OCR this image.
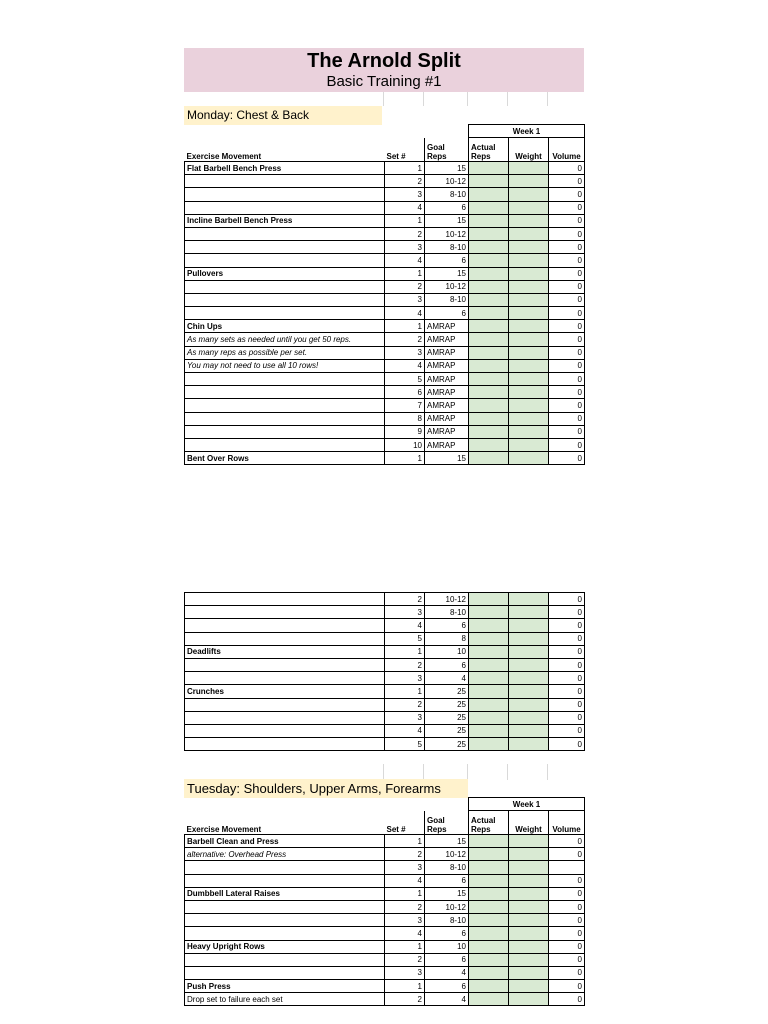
The Arnold Split
Basic Training #1
Monday: Chest & Back
			Week 1		
Exercise Movement	Set #	Goal Reps	Actual Reps	Weight	Volume
Flat Barbell Bench Press	1	15			0
	2	10-12			0
	3	8-10			0
	4	6			0
Incline Barbell Bench Press	1	15			0
	2	10-12			0
	3	8-10			0
	4	6			0
Pullovers	1	15			0
	2	10-12			0
	3	8-10			0
	4	6			0
Chin Ups	1	AMRAP			0
As many sets as needed until you get 50 reps.	2	AMRAP			0
As many reps as possible per set.	3	AMRAP			0
You may not need to use all 10 rows!	4	AMRAP			0
	5	AMRAP			0
	6	AMRAP			0
	7	AMRAP			0
	8	AMRAP			0
	9	AMRAP			0
	10	AMRAP			0
Bent Over Rows	1	15			0
	2	10-12			0
	3	8-10			0
	4	6			0
	5	8			0
Deadlifts	1	10			0
	2	6			0
	3	4			0
Crunches	1	25			0
	2	25			0
	3	25			0
	4	25			0
	5	25			0
Tuesday: Shoulders, Upper Arms, Forearms
			Week 1		
Exercise Movement	Set #	Goal Reps	Actual Reps	Weight	Volume
Barbell Clean and Press	1	15			0
alternative: Overhead Press	2	10-12			0
	3	8-10			
	4	6			0
Dumbbell Lateral Raises	1	15			0
	2	10-12			0
	3	8-10			0
	4	6			0
Heavy Upright Rows	1	10			0
	2	6			0
	3	4			0
Push Press	1	6			0
Drop set to failure each set	2	4			0
